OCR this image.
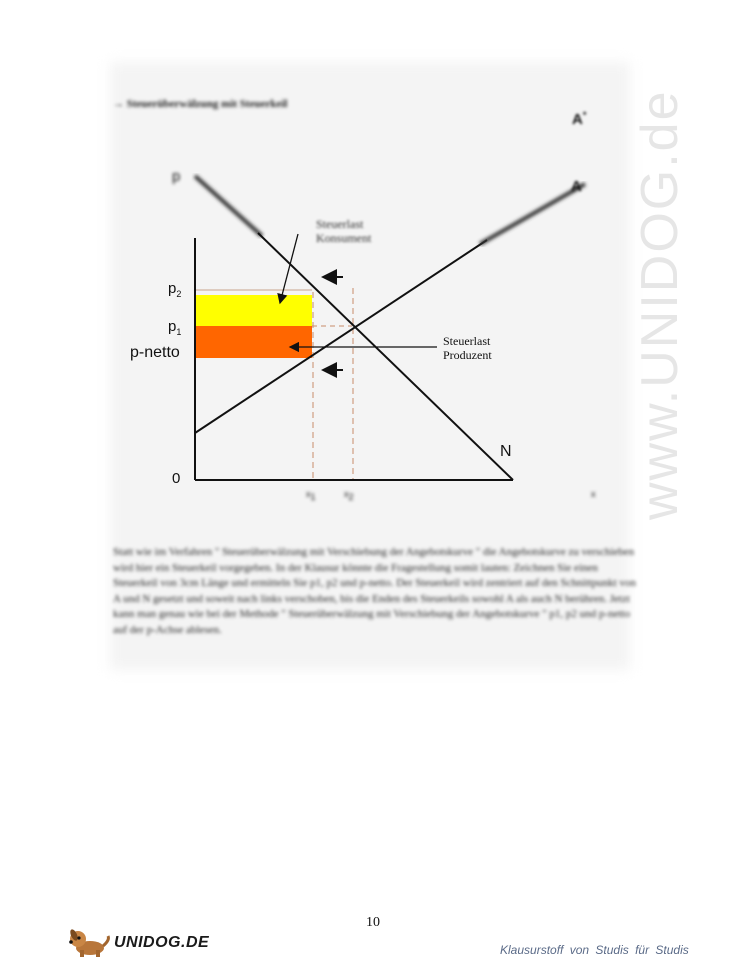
→ Steuerüberwälzung mit Steuerkeil
p
$p_2$
$p_1$
p-netto
0
N
A
A*
$x_1$	$x_2$	x
Steuerlast Konsument
Steuerlast Produzent
Statt wie im Verfahren " Steuerüberwälzung mit Verschiebung der Angebotskurve " die Angebotskurve zu verschieben wird hier ein Steuerkeil vorgegeben. In der Klausur könnte die Fragestellung somit lauten: Zeichnen Sie einen Steuerkeil von 3cm Länge und ermitteln Sie p1, p2 und p-netto. Der Steuerkeil wird zentriert auf den Schnittpunkt von A und N gesetzt und soweit nach links verschoben, bis die Enden des Steuerkeils sowohl A als auch N berühren. Jetzt kann man genau wie bei der Methode " Steuerüberwälzung mit Verschiebung der Angebotskurve " p1, p2 und p-netto auf der p-Achse ablesen.
www.UNIDOG.de
10
UNIDOG.DE	Klausurstoff von Studis für Studis
